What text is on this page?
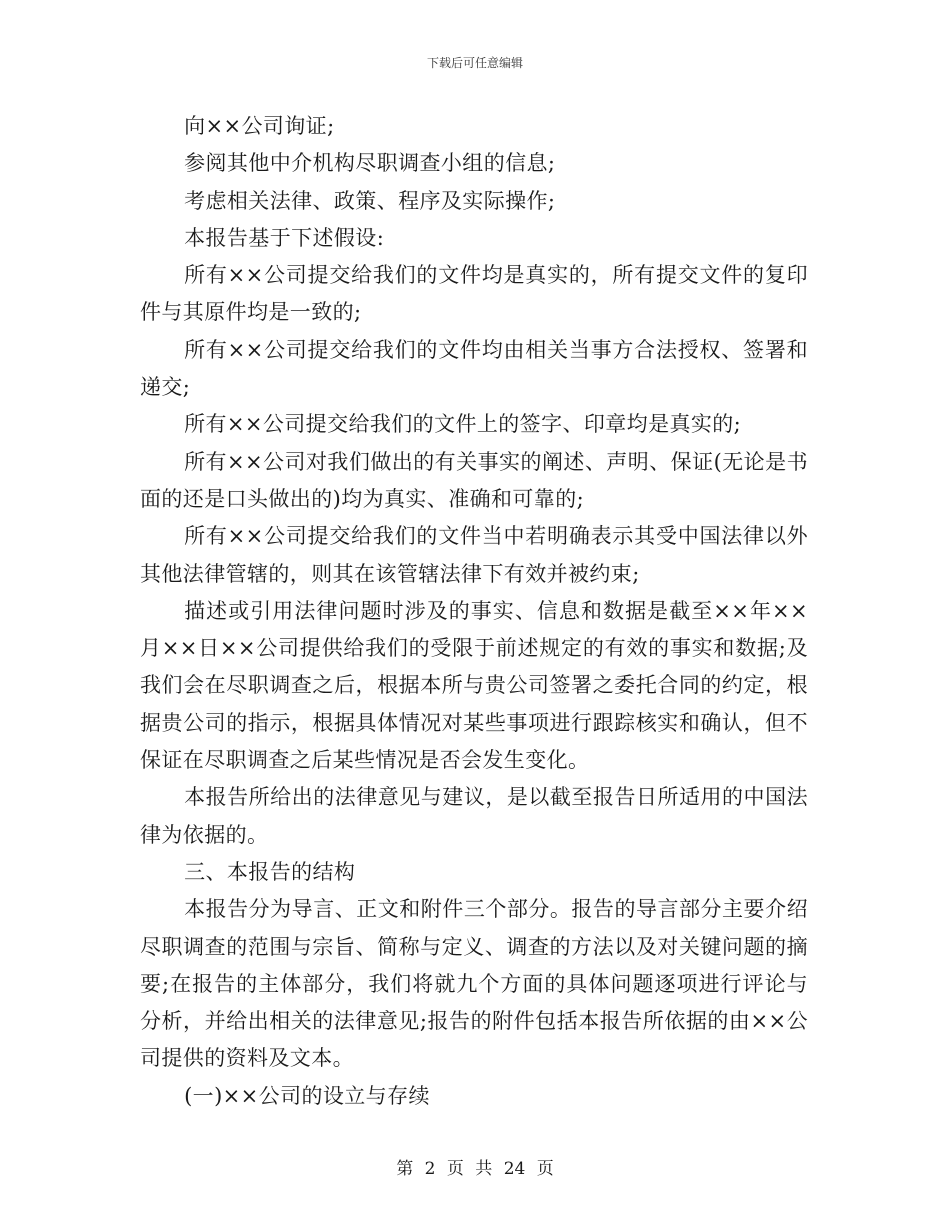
下载后可任意编辑

向××公司询证;

参阅其他中介机构尽职调查小组的信息;

考虑相关法律、政策、程序及实际操作;

本报告基于下述假设:

所有××公司提交给我们的文件均是真实的，所有提交文件的复印件与其原件均是一致的;

所有××公司提交给我们的文件均由相关当事方合法授权、签署和递交;

所有××公司提交给我们的文件上的签字、印章均是真实的;

所有××公司对我们做出的有关事实的阐述、声明、保证(无论是书面的还是口头做出的)均为真实、准确和可靠的;

所有××公司提交给我们的文件当中若明确表示其受中国法律以外其他法律管辖的，则其在该管辖法律下有效并被约束;

描述或引用法律问题时涉及的事实、信息和数据是截至××年××月××日××公司提供给我们的受限于前述规定的有效的事实和数据;及我们会在尽职调查之后，根据本所与贵公司签署之委托合同的约定，根据贵公司的指示，根据具体情况对某些事项进行跟踪核实和确认，但不保证在尽职调查之后某些情况是否会发生变化。

本报告所给出的法律意见与建议，是以截至报告日所适用的中国法律为依据的。

三、本报告的结构

本报告分为导言、正文和附件三个部分。报告的导言部分主要介绍尽职调查的范围与宗旨、简称与定义、调查的方法以及对关键问题的摘要;在报告的主体部分，我们将就九个方面的具体问题逐项进行评论与分析，并给出相关的法律意见;报告的附件包括本报告所依据的由××公司提供的资料及文本。

(一)××公司的设立与存续

第 2 页 共 24 页
